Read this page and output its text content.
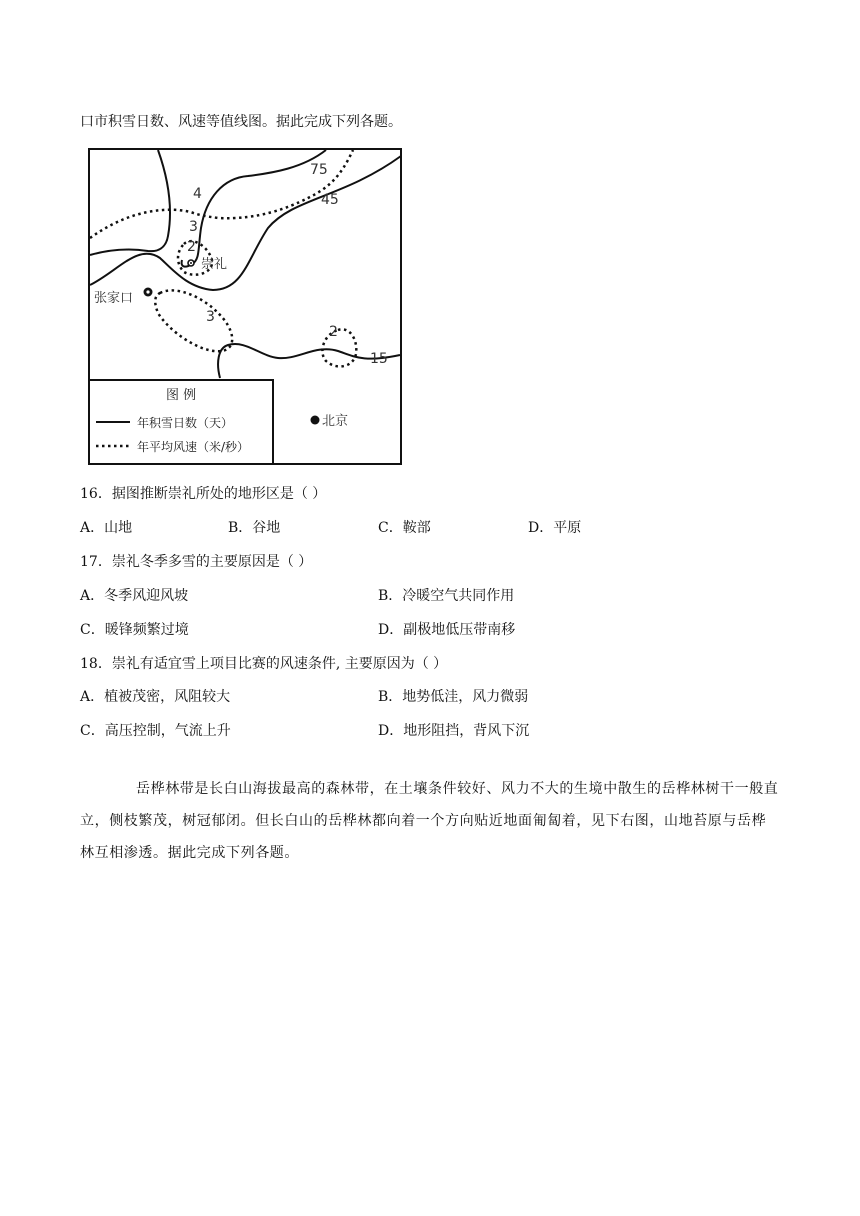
口市积雪日数、风速等值线图。据此完成下列各题。
75
45
4
3
2
崇礼
张家口
3
2
15
北京
图 例
年积雪日数（天）
年平均风速（米/秒）
16．据图推断崇礼所处的地形区是（ ）
A．山地	B．谷地	C．鞍部	D．平原
17．崇礼冬季多雪的主要原因是（ ）
A．冬季风迎风坡	B．冷暖空气共同作用
C．暖锋频繁过境	D．副极地低压带南移
18．崇礼有适宜雪上项目比赛的风速条件, 主要原因为（ ）
A．植被茂密，风阻较大	B．地势低洼，风力微弱
C．高压控制，气流上升	D．地形阻挡，背风下沉
岳桦林带是长白山海拔最高的森林带，在土壤条件较好、风力不大的生境中散生的岳桦林树干一般直立，侧枝繁茂，树冠郁闭。但长白山的岳桦林都向着一个方向贴近地面匍匐着，见下右图，山地苔原与岳桦林互相渗透。据此完成下列各题。
